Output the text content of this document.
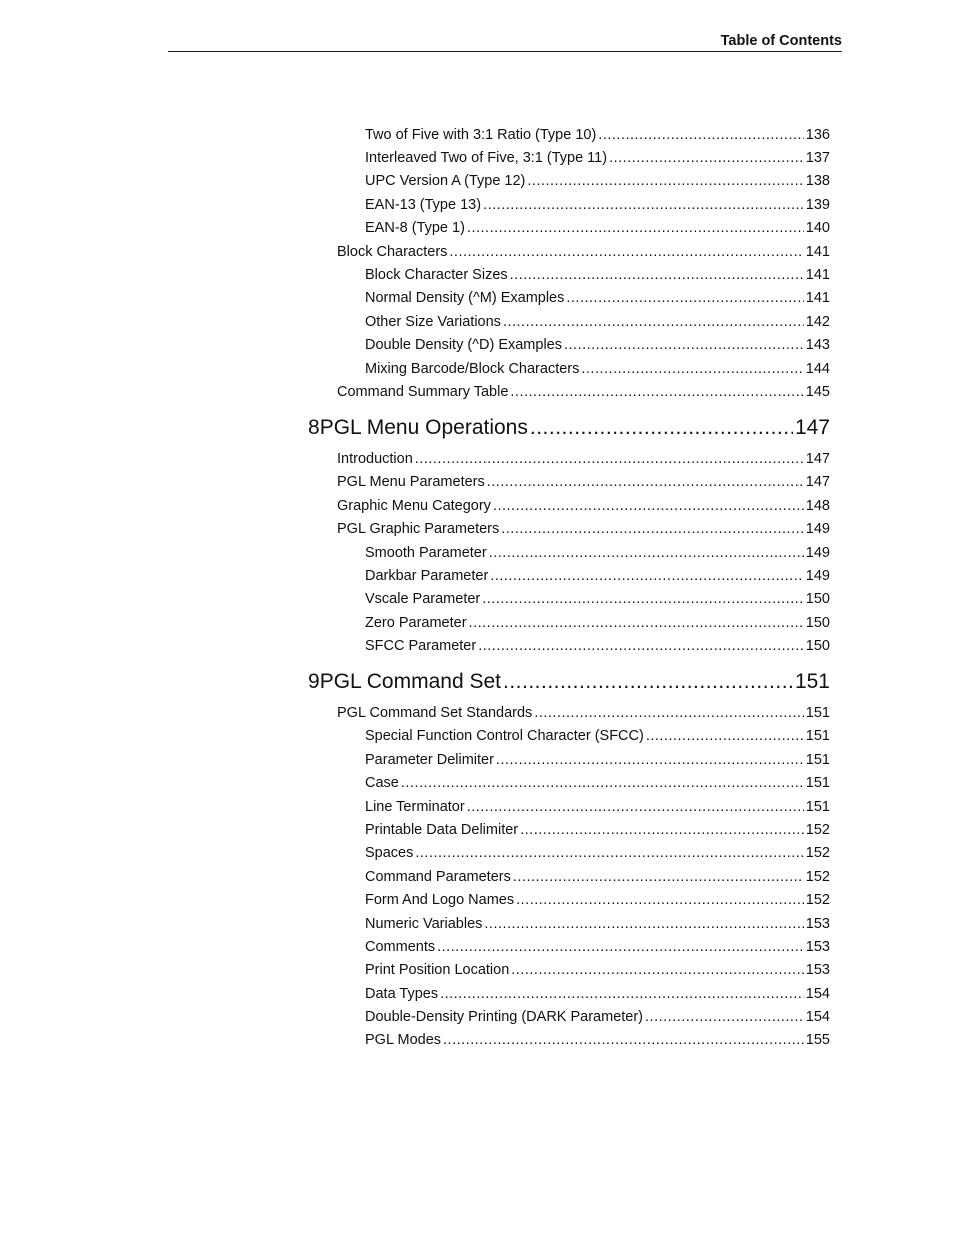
Table of Contents
Two of Five with 3:1 Ratio (Type 10) .....	136
Interleaved Two of Five, 3:1 (Type 11) .....	137
UPC Version A (Type 12) .....	138
EAN-13 (Type 13) .....	139
EAN-8 (Type 1) .....	140
Block Characters .....	141
Block Character Sizes .....	141
Normal Density (^M) Examples .....	141
Other Size Variations .....	142
Double Density (^D) Examples .....	143
Mixing Barcode/Block Characters .....	144
Command Summary Table .....	145
8 PGL Menu Operations .....	147
Introduction .....	147
PGL Menu Parameters .....	147
Graphic Menu Category .....	148
PGL Graphic Parameters .....	149
Smooth Parameter .....	149
Darkbar Parameter .....	149
Vscale Parameter .....	150
Zero Parameter .....	150
SFCC Parameter .....	150
9 PGL Command Set .....	151
PGL Command Set Standards .....	151
Special Function Control Character (SFCC) .....	151
Parameter Delimiter .....	151
Case .....	151
Line Terminator .....	151
Printable Data Delimiter .....	152
Spaces .....	152
Command Parameters .....	152
Form And Logo Names .....	152
Numeric Variables .....	153
Comments .....	153
Print Position Location .....	153
Data Types .....	154
Double-Density Printing (DARK Parameter) .....	154
PGL Modes .....	155
